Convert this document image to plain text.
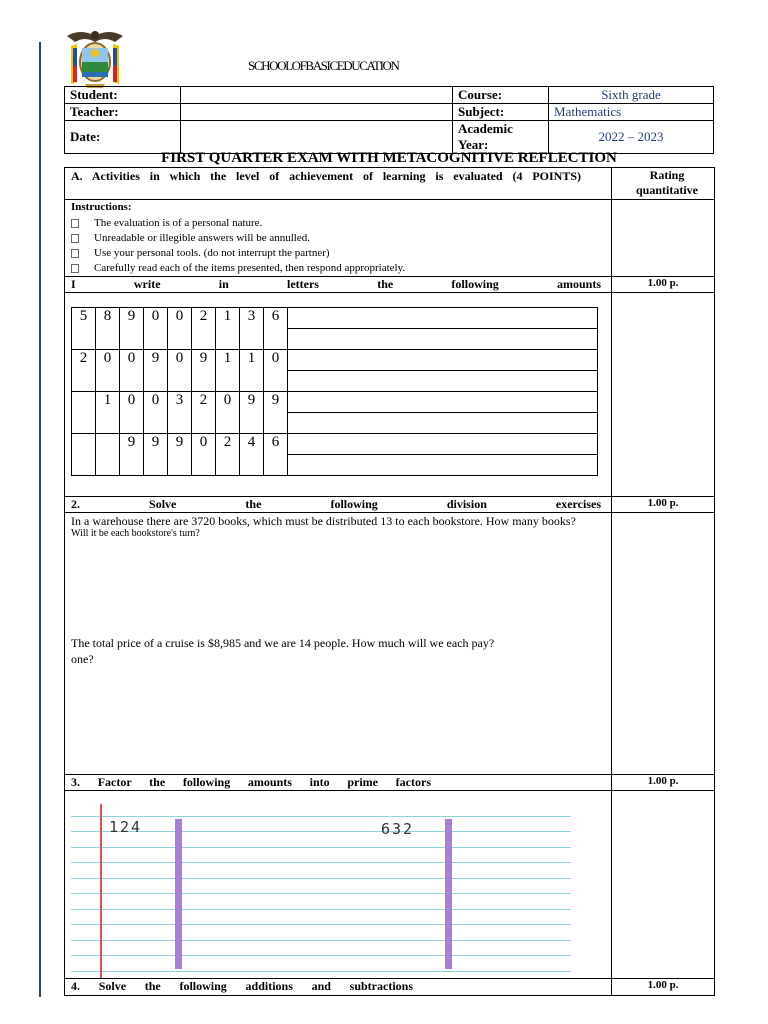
SCHOOLOFBASICEDUCATION
Student:		Course:	Sixth grade
Teacher:		Subject:	Mathematics
Date:		Academic Year:	2022 – 2023
FIRST QUARTER EXAM WITH METACOGNITIVE REFLECTION
A. Activities in which the level of achievement of learning is evaluated (4 POINTS)	Rating
quantitative
Instructions:
The evaluation is of a personal nature.
Unreadable or illegible answers will be annulled.
Use your personal tools. (do not interrupt the partner)
Carefully read each of the items presented, then respond appropriately.
I write in letters the following amounts	1.00 p.
5	8	9	0	0	2	1	3	6	

2	0	0	9	0	9	1	1	0	

	1	0	0	3	2	0	9	9	

		9	9	9	0	2	4	6	

2. Solve the following division exercises	1.00 p.
In a warehouse there are 3720 books, which must be distributed 13 to each bookstore. How many books?
Will it be each bookstore's turn?
The total price of a cruise is $8,985 and we are 14 people. How much will we each pay?
one?
3. Factor the following amounts into prime factors	1.00 p.
124	632
4. Solve the following additions and subtractions	1.00 p.
